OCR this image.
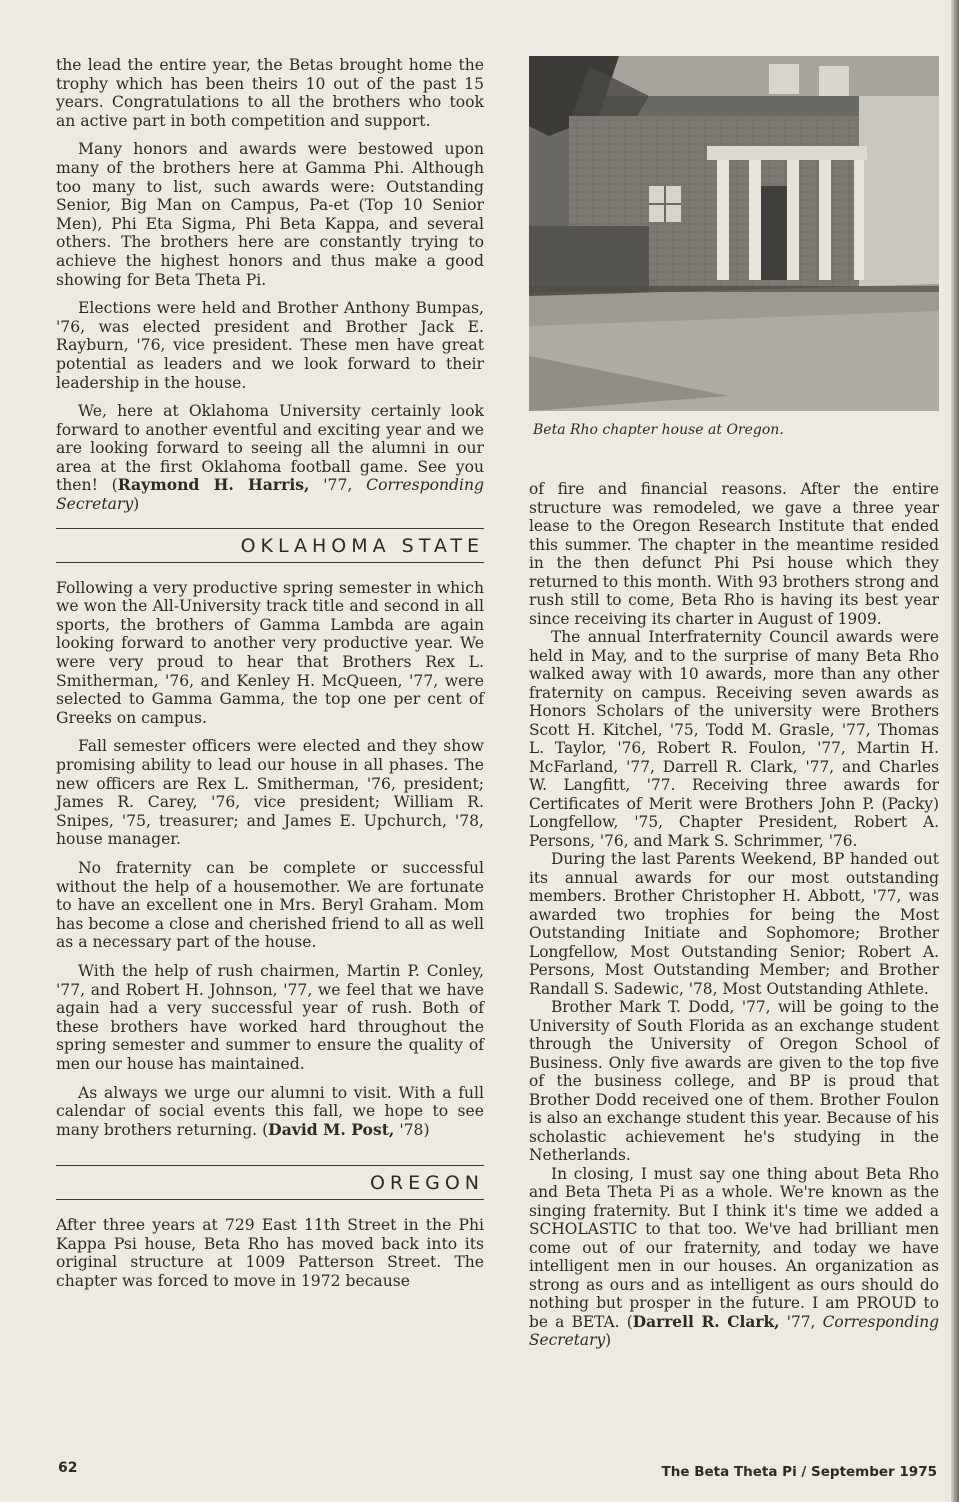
the lead the entire year, the Betas brought home the trophy which has been theirs 10 out of the past 15 years. Congratulations to all the brothers who took an active part in both competition and support.

Many honors and awards were bestowed upon many of the brothers here at Gamma Phi. Although too many to list, such awards were: Outstanding Senior, Big Man on Campus, Pa-et (Top 10 Senior Men), Phi Eta Sigma, Phi Beta Kappa, and several others. The brothers here are constantly trying to achieve the highest honors and thus make a good showing for Beta Theta Pi.

Elections were held and Brother Anthony Bumpas, '76, was elected president and Brother Jack E. Rayburn, '76, vice president. These men have great potential as leaders and we look forward to their leadership in the house.

We, here at Oklahoma University certainly look forward to another eventful and exciting year and we are looking forward to seeing all the alumni in our area at the first Oklahoma football game. See you then! (Raymond H. Harris, '77, Corresponding Secretary)

OKLAHOMA STATE

Following a very productive spring semester in which we won the All-University track title and second in all sports, the brothers of Gamma Lambda are again looking forward to another very productive year. We were very proud to hear that Brothers Rex L. Smitherman, '76, and Kenley H. McQueen, '77, were selected to Gamma Gamma, the top one per cent of Greeks on campus.

Fall semester officers were elected and they show promising ability to lead our house in all phases. The new officers are Rex L. Smitherman, '76, president; James R. Carey, '76, vice president; William R. Snipes, '75, treasurer; and James E. Upchurch, '78, house manager.

No fraternity can be complete or successful without the help of a housemother. We are fortunate to have an excellent one in Mrs. Beryl Graham. Mom has become a close and cherished friend to all as well as a necessary part of the house.

With the help of rush chairmen, Martin P. Conley, '77, and Robert H. Johnson, '77, we feel that we have again had a very successful year of rush. Both of these brothers have worked hard throughout the spring semester and summer to ensure the quality of men our house has maintained.

As always we urge our alumni to visit. With a full calendar of social events this fall, we hope to see many brothers returning. (David M. Post, '78)

OREGON

After three years at 729 East 11th Street in the Phi Kappa Psi house, Beta Rho has moved back into its original structure at 1009 Patterson Street. The chapter was forced to move in 1972 because

Beta Rho chapter house at Oregon.

of fire and financial reasons. After the entire structure was remodeled, we gave a three year lease to the Oregon Research Institute that ended this summer. The chapter in the meantime resided in the then defunct Phi Psi house which they returned to this month. With 93 brothers strong and rush still to come, Beta Rho is having its best year since receiving its charter in August of 1909.

The annual Interfraternity Council awards were held in May, and to the surprise of many Beta Rho walked away with 10 awards, more than any other fraternity on campus. Receiving seven awards as Honors Scholars of the university were Brothers Scott H. Kitchel, '75, Todd M. Grasle, '77, Thomas L. Taylor, '76, Robert R. Foulon, '77, Martin H. McFarland, '77, Darrell R. Clark, '77, and Charles W. Langfitt, '77. Receiving three awards for Certificates of Merit were Brothers John P. (Packy) Longfellow, '75, Chapter President, Robert A. Persons, '76, and Mark S. Schrimmer, '76.

During the last Parents Weekend, BP handed out its annual awards for our most outstanding members. Brother Christopher H. Abbott, '77, was awarded two trophies for being the Most Outstanding Initiate and Sophomore; Brother Longfellow, Most Outstanding Senior; Robert A. Persons, Most Outstanding Member; and Brother Randall S. Sadewic, '78, Most Outstanding Athlete.

Brother Mark T. Dodd, '77, will be going to the University of South Florida as an exchange student through the University of Oregon School of Business. Only five awards are given to the top five of the business college, and BP is proud that Brother Dodd received one of them. Brother Foulon is also an exchange student this year. Because of his scholastic achievement he's studying in the Netherlands.

In closing, I must say one thing about Beta Rho and Beta Theta Pi as a whole. We're known as the singing fraternity. But I think it's time we added a SCHOLASTIC to that too. We've had brilliant men come out of our fraternity, and today we have intelligent men in our houses. An organization as strong as ours and as intelligent as ours should do nothing but prosper in the future. I am PROUD to be a BETA. (Darrell R. Clark, '77, Corresponding Secretary)

62	The Beta Theta Pi / September 1975
